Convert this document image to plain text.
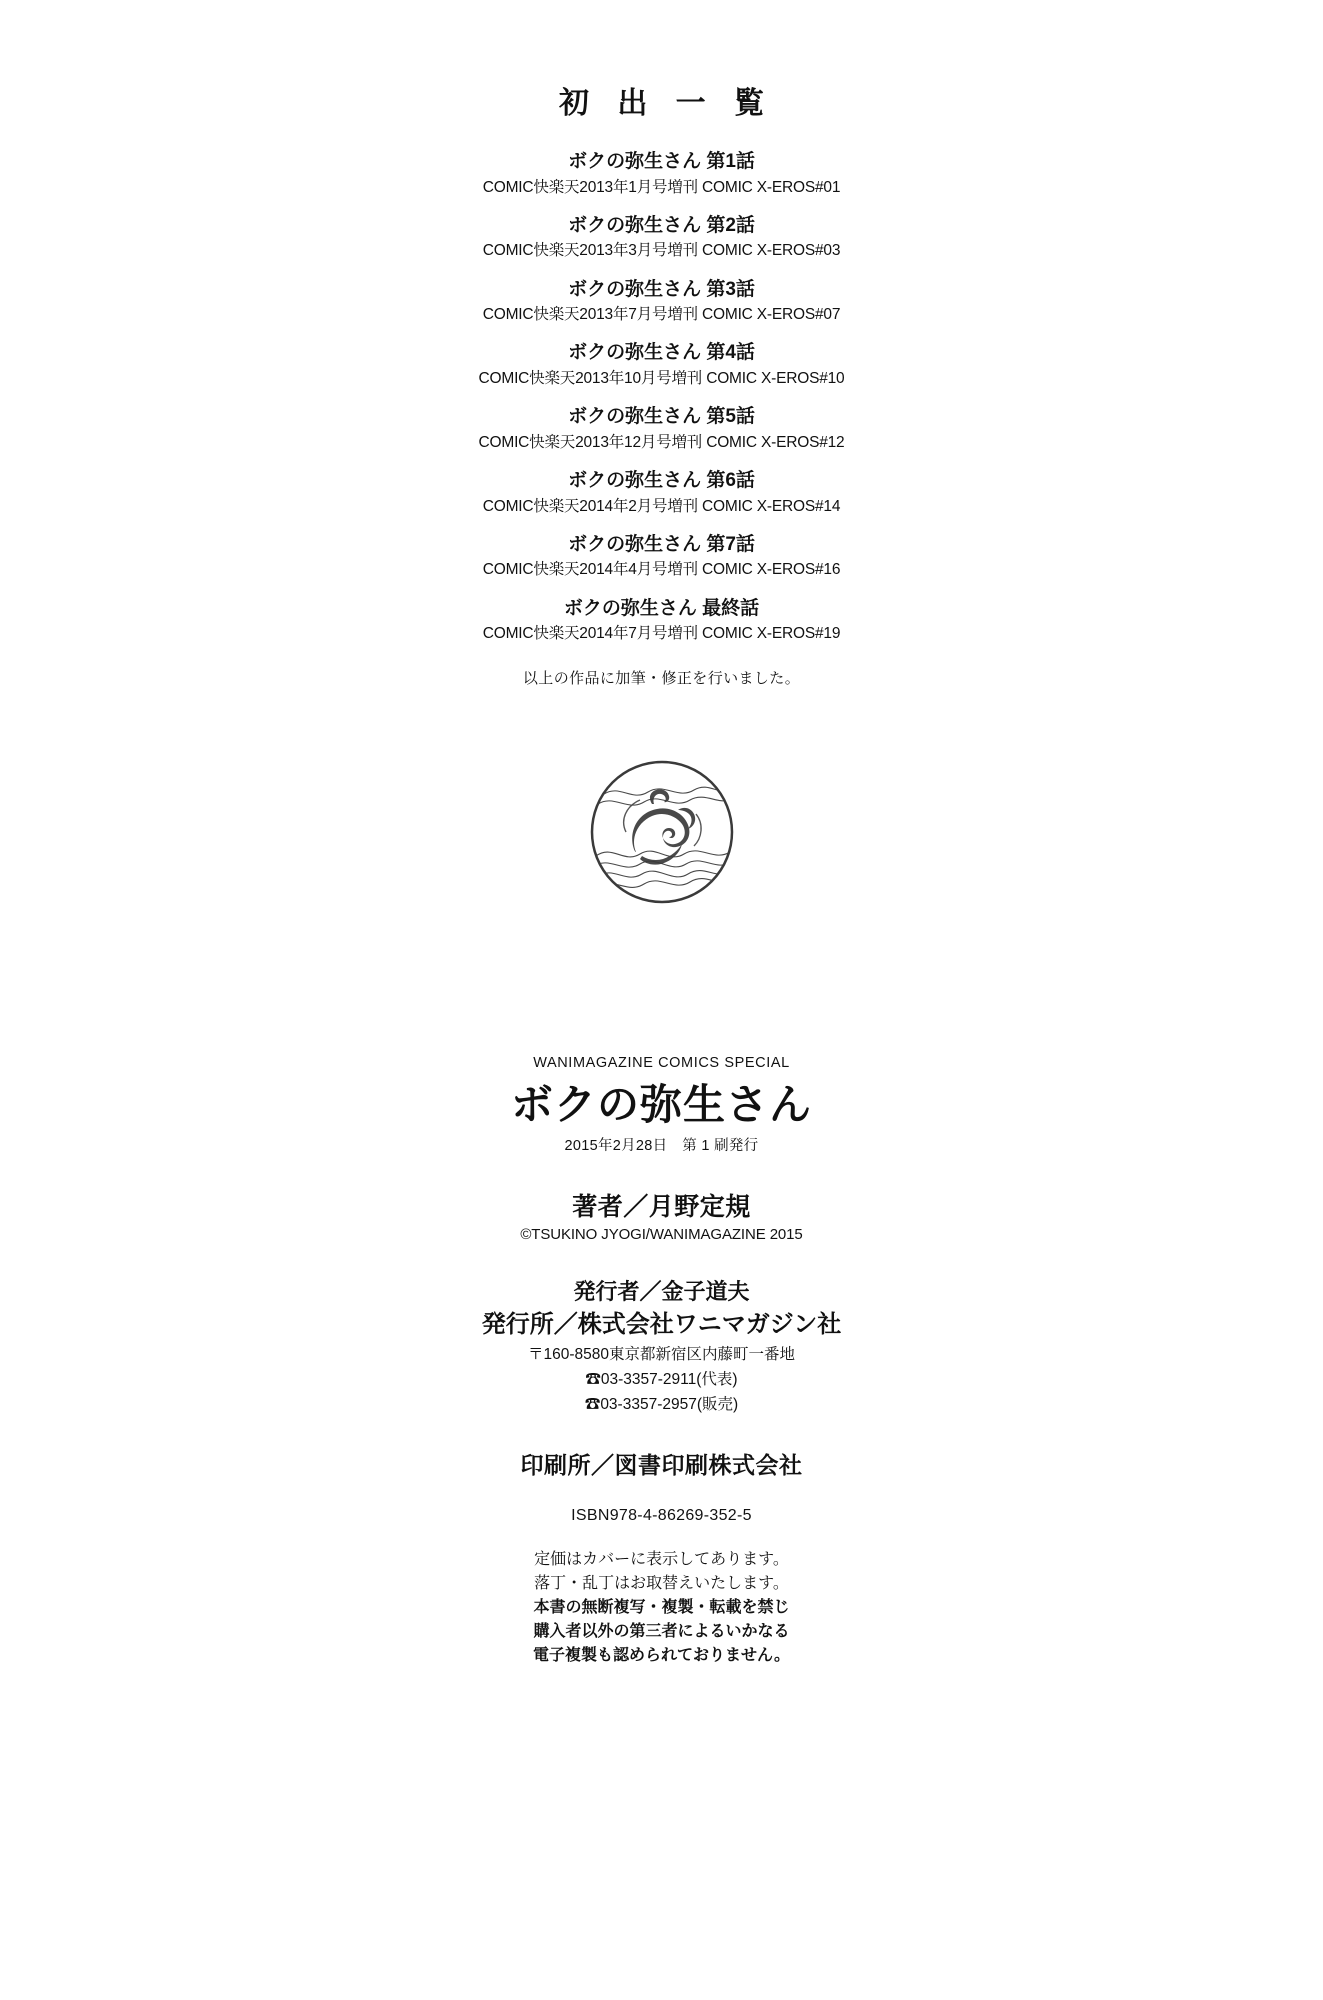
初 出 一 覧
ボクの弥生さん 第1話
COMIC快楽天2013年1月号増刊 COMIC X-EROS#01
ボクの弥生さん 第2話
COMIC快楽天2013年3月号増刊 COMIC X-EROS#03
ボクの弥生さん 第3話
COMIC快楽天2013年7月号増刊 COMIC X-EROS#07
ボクの弥生さん 第4話
COMIC快楽天2013年10月号増刊 COMIC X-EROS#10
ボクの弥生さん 第5話
COMIC快楽天2013年12月号増刊 COMIC X-EROS#12
ボクの弥生さん 第6話
COMIC快楽天2014年2月号増刊 COMIC X-EROS#14
ボクの弥生さん 第7話
COMIC快楽天2014年4月号増刊 COMIC X-EROS#16
ボクの弥生さん 最終話
COMIC快楽天2014年7月号増刊 COMIC X-EROS#19
以上の作品に加筆・修正を行いました。
WANIMAGAZINE COMICS SPECIAL
ボクの弥生さん
2015年2月28日　第 1 刷発行
著者／月野定規
©TSUKINO JYOGI/WANIMAGAZINE 2015
発行者／金子道夫
発行所／株式会社ワニマガジン社
〒160-8580東京都新宿区内藤町一番地
☎03-3357-2911(代表)
☎03-3357-2957(販売)
印刷所／図書印刷株式会社
ISBN978-4-86269-352-5
定価はカバーに表示してあります。
落丁・乱丁はお取替えいたします。
本書の無断複写・複製・転載を禁じ
購入者以外の第三者によるいかなる
電子複製も認められておりません。
